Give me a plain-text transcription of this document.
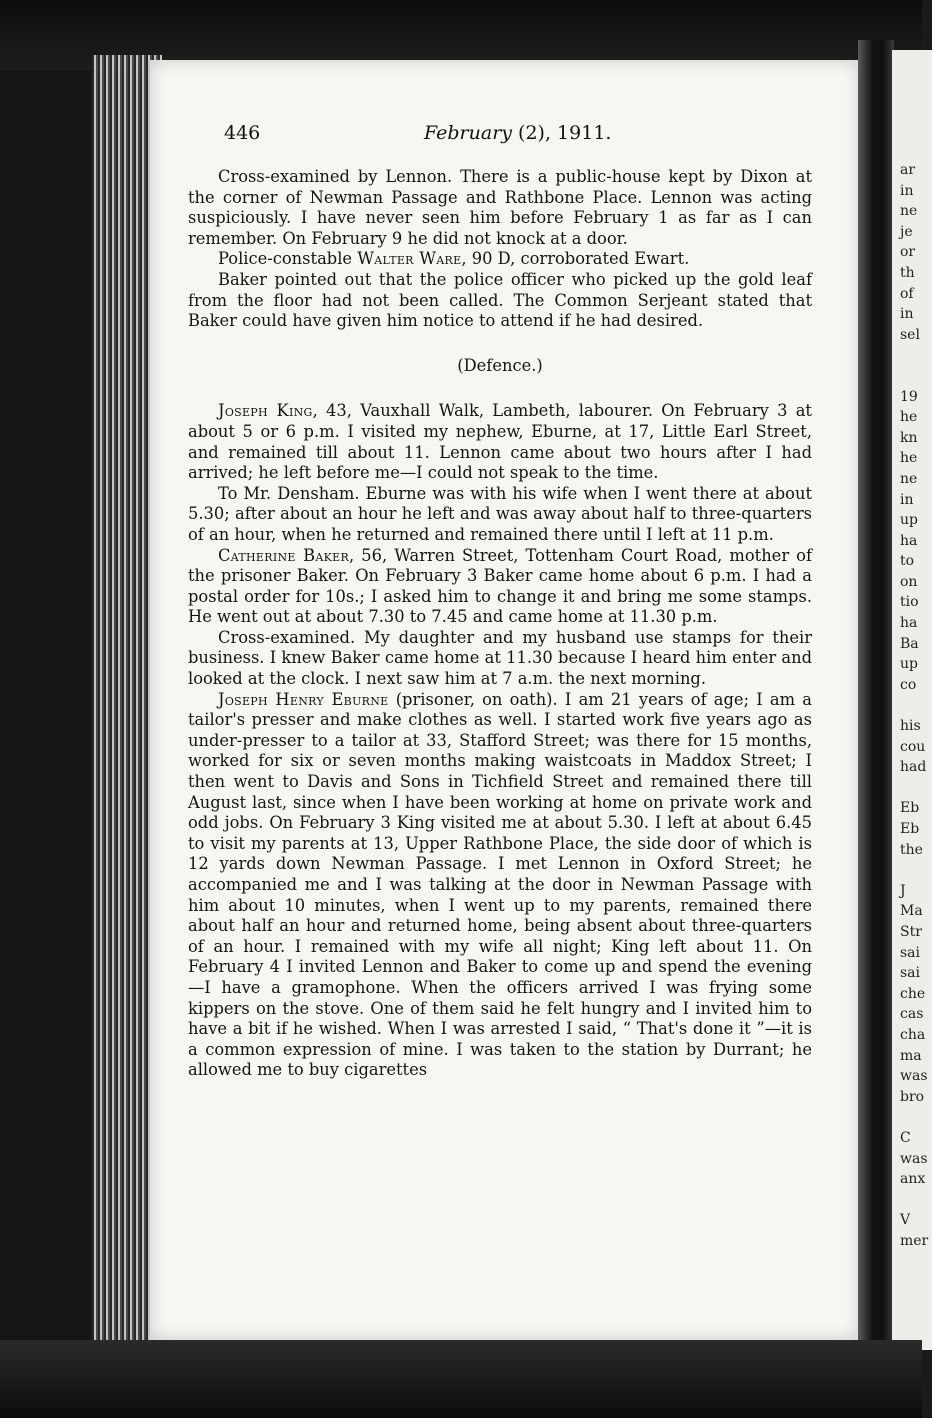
446	February (2), 1911.

Cross-examined by Lennon. There is a public-house kept by Dixon at the corner of Newman Passage and Rathbone Place. Lennon was acting suspiciously. I have never seen him before February 1 as far as I can remember. On February 9 he did not knock at a door.

Police-constable Walter Ware, 90 D, corroborated Ewart.

Baker pointed out that the police officer who picked up the gold leaf from the floor had not been called. The Common Serjeant stated that Baker could have given him notice to attend if he had desired.

(Defence.)

Joseph King, 43, Vauxhall Walk, Lambeth, labourer. On February 3 at about 5 or 6 p.m. I visited my nephew, Eburne, at 17, Little Earl Street, and remained till about 11. Lennon came about two hours after I had arrived; he left before me—I could not speak to the time.

To Mr. Densham. Eburne was with his wife when I went there at about 5.30; after about an hour he left and was away about half to three-quarters of an hour, when he returned and remained there until I left at 11 p.m.

Catherine Baker, 56, Warren Street, Tottenham Court Road, mother of the prisoner Baker. On February 3 Baker came home about 6 p.m. I had a postal order for 10s.; I asked him to change it and bring me some stamps. He went out at about 7.30 to 7.45 and came home at 11.30 p.m.

Cross-examined. My daughter and my husband use stamps for their business. I knew Baker came home at 11.30 because I heard him enter and looked at the clock. I next saw him at 7 a.m. the next morning.

Joseph Henry Eburne (prisoner, on oath). I am 21 years of age; I am a tailor's presser and make clothes as well. I started work five years ago as under-presser to a tailor at 33, Stafford Street; was there for 15 months, worked for six or seven months making waistcoats in Maddox Street; I then went to Davis and Sons in Tichfield Street and remained there till August last, since when I have been working at home on private work and odd jobs. On February 3 King visited me at about 5.30. I left at about 6.45 to visit my parents at 13, Upper Rathbone Place, the side door of which is 12 yards down Newman Passage. I met Lennon in Oxford Street; he accompanied me and I was talking at the door in Newman Passage with him about 10 minutes, when I went up to my parents, remained there about half an hour and returned home, being absent about three-quarters of an hour. I remained with my wife all night; King left about 11. On February 4 I invited Lennon and Baker to come up and spend the evening—I have a gramophone. When the officers arrived I was frying some kippers on the stove. One of them said he felt hungry and I invited him to have a bit if he wished. When I was arrested I said, “ That's done it ”—it is a common expression of mine. I was taken to the station by Durrant; he allowed me to buy cigarettes

ar
in
ne
je
or
th
of
in
sel
19
he
kn
he
ne
in
up
ha
to
on
tio
ha
Ba
up
co
his
cou
had
Eb
Eb
the
J
Ma
Str
sai
sai
che
cas
cha
ma
was
bro
C
was
anx
V
mer
